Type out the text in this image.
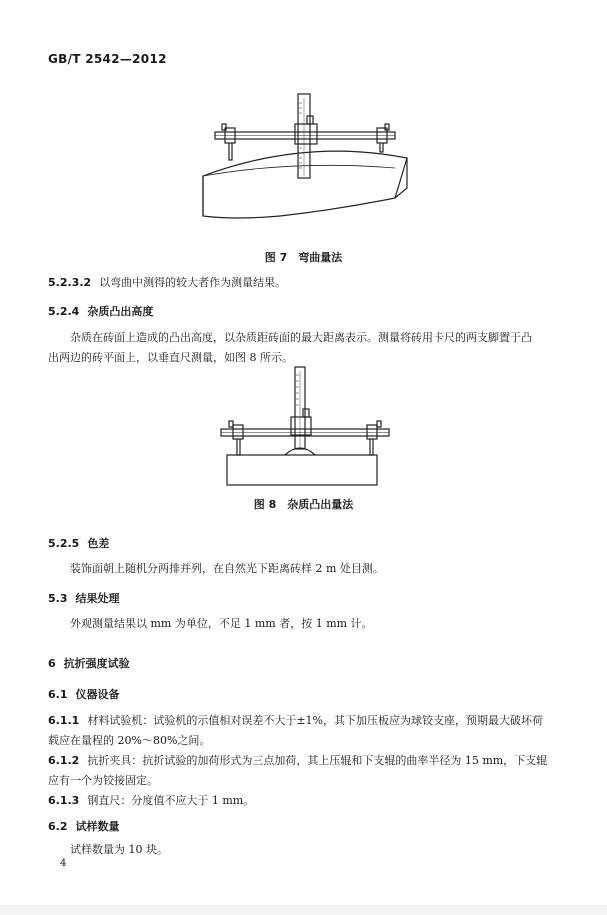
GB/T 2542—2012
图 7　弯曲量法
5.2.3.2 以弯曲中测得的较大者作为测量结果。
5.2.4 杂质凸出高度
杂质在砖面上造成的凸出高度，以杂质距砖面的最大距离表示。测量将砖用卡尺的两支脚置于凸
出两边的砖平面上，以垂直尺测量，如图 8 所示。
图 8　杂质凸出量法
5.2.5 色差
装饰面朝上随机分两排并列，在自然光下距离砖样 2 m 处目测。
5.3 结果处理
外观测量结果以 mm 为单位，不足 1 mm 者，按 1 mm 计。
6 抗折强度试验
6.1 仪器设备
6.1.1 材料试验机：试验机的示值相对误差不大于±1%，其下加压板应为球铰支座，预期最大破坏荷
载应在量程的 20%～80%之间。
6.1.2 抗折夹具：抗折试验的加荷形式为三点加荷，其上压辊和下支辊的曲率半径为 15 mm，下支辊
应有一个为铰接固定。
6.1.3 钢直尺：分度值不应大于 1 mm。
6.2 试样数量
试样数量为 10 块。
4
